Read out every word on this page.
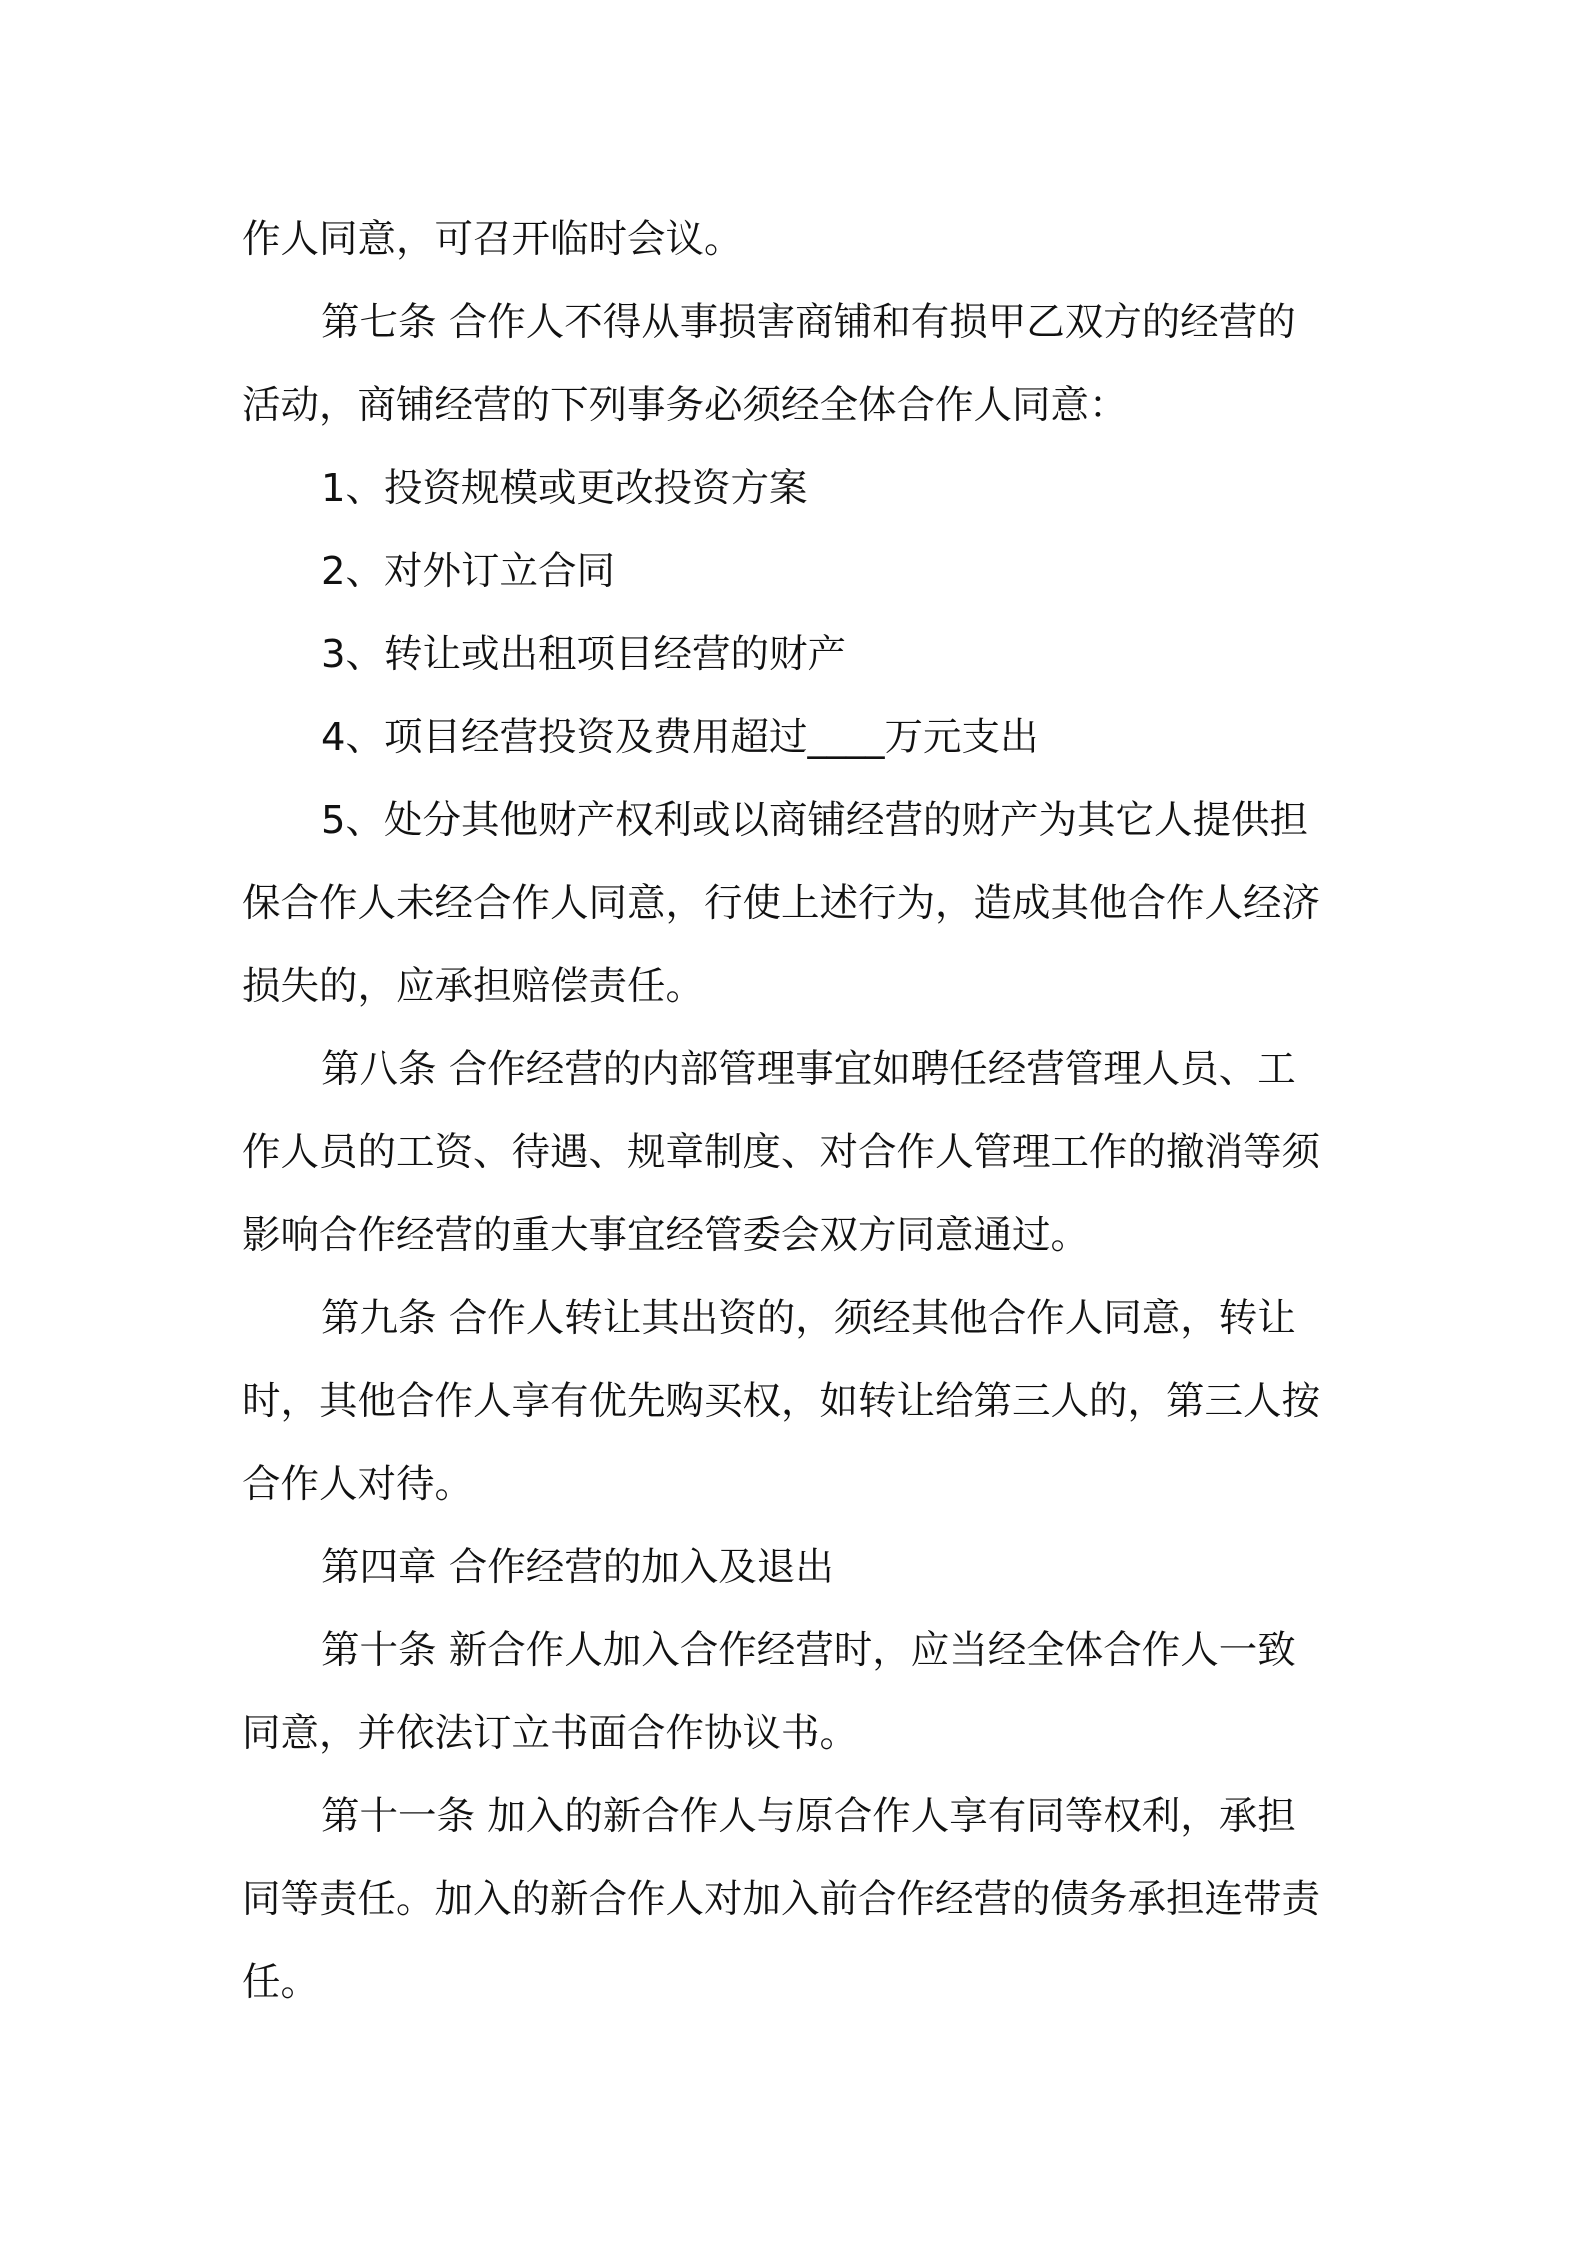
作人同意，可召开临时会议。
第七条 合作人不得从事损害商铺和有损甲乙双方的经营的
活动，商铺经营的下列事务必须经全体合作人同意：
1、投资规模或更改投资方案
2、对外订立合同
3、转让或出租项目经营的财产
4、项目经营投资及费用超过____万元支出
5、处分其他财产权利或以商铺经营的财产为其它人提供担
保合作人未经合作人同意，行使上述行为，造成其他合作人经济
损失的，应承担赔偿责任。
第八条 合作经营的内部管理事宜如聘任经营管理人员、工
作人员的工资、待遇、规章制度、对合作人管理工作的撤消等须
影响合作经营的重大事宜经管委会双方同意通过。
第九条 合作人转让其出资的，须经其他合作人同意，转让
时，其他合作人享有优先购买权，如转让给第三人的，第三人按
合作人对待。
第四章 合作经营的加入及退出
第十条 新合作人加入合作经营时，应当经全体合作人一致
同意，并依法订立书面合作协议书。
第十一条 加入的新合作人与原合作人享有同等权利，承担
同等责任。加入的新合作人对加入前合作经营的债务承担连带责
任。
